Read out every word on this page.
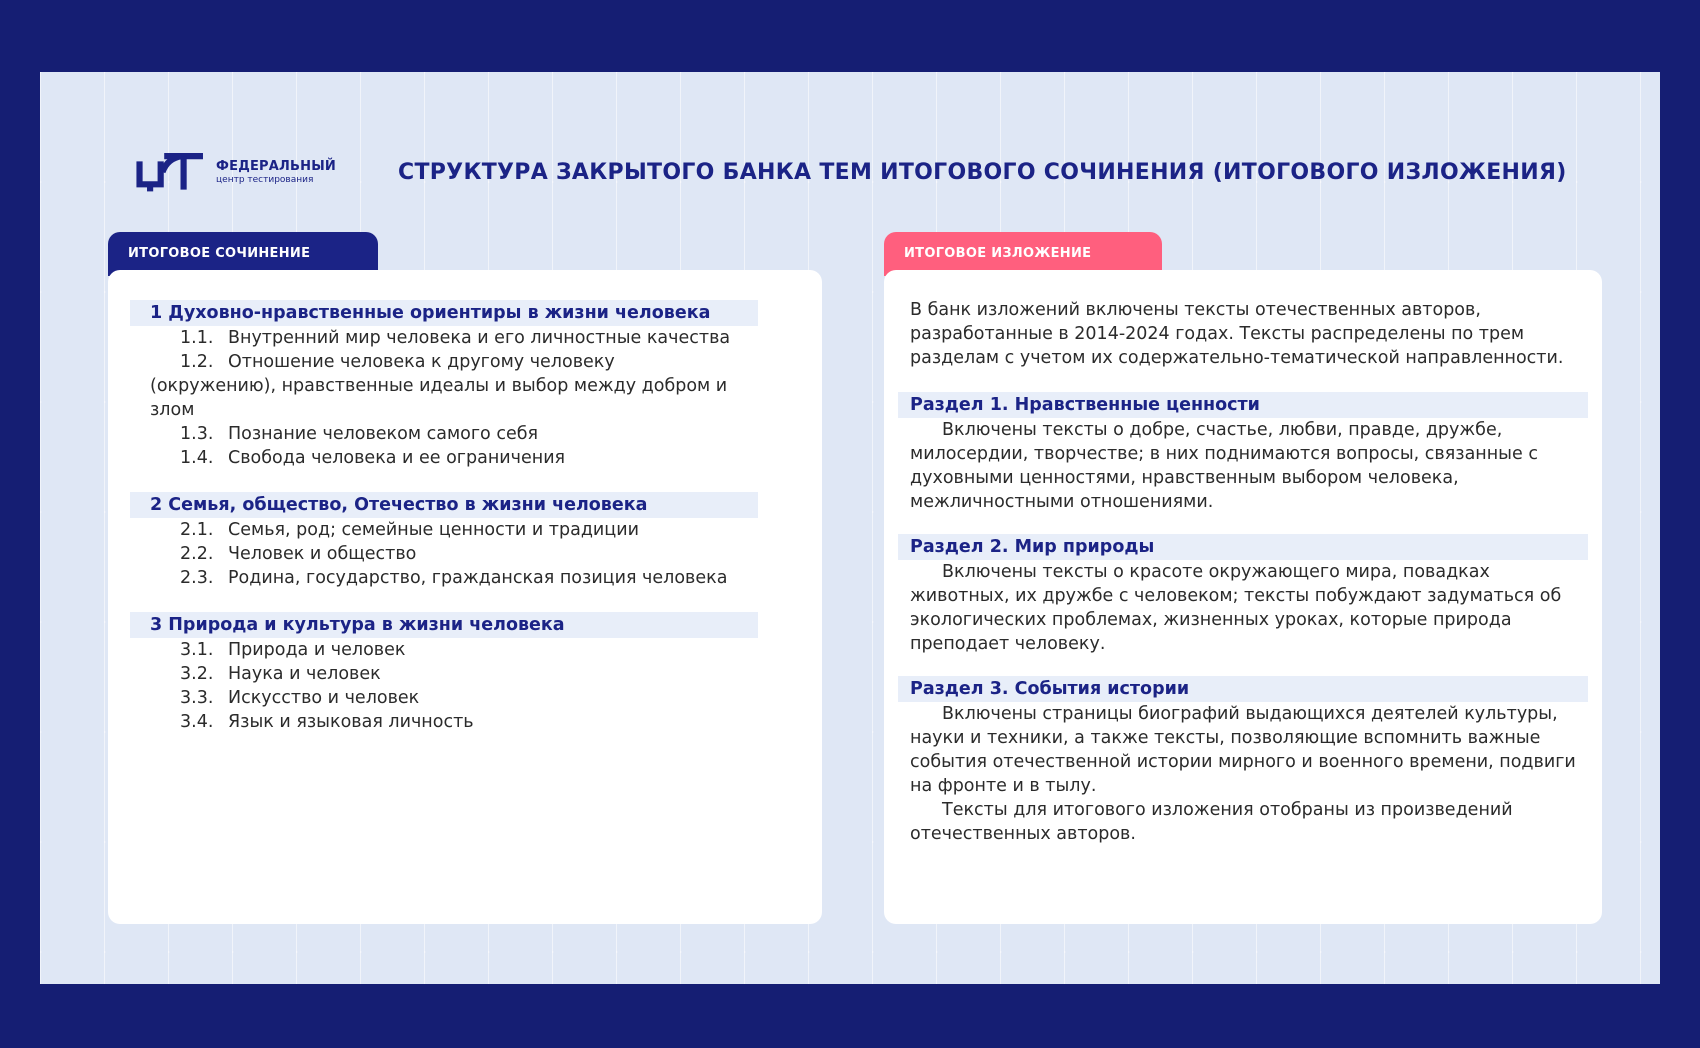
ФЕДЕРАЛЬНЫЙ
центр тестирования	СТРУКТУРА ЗАКРЫТОГО БАНКА ТЕМ ИТОГОВОГО СОЧИНЕНИЯ (ИТОГОВОГО ИЗЛОЖЕНИЯ)
ИТОГОВОЕ СОЧИНЕНИЕ	ИТОГОВОЕ ИЗЛОЖЕНИЕ
1 Духовно-нравственные ориентиры в жизни человека
1.1. Внутренний мир человека и его личностные качества
1.2. Отношение человека к другому человеку (окружению), нравственные идеалы и выбор между добром и злом
1.3. Познание человеком самого себя
1.4. Свобода человека и ее ограничения
2 Семья, общество, Отечество в жизни человека
2.1. Семья, род; семейные ценности и традиции
2.2. Человек и общество
2.3. Родина, государство, гражданская позиция человека
3 Природа и культура в жизни человека
3.1. Природа и человек
3.2. Наука и человек
3.3. Искусство и человек
3.4. Язык и языковая личность
В банк изложений включены тексты отечественных авторов, разработанные в 2014-2024 годах. Тексты распределены по трем разделам с учетом их содержательно-тематической направленности.
Раздел 1. Нравственные ценности
Включены тексты о добре, счастье, любви, правде, дружбе, милосердии, творчестве; в них поднимаются вопросы, связанные с духовными ценностями, нравственным выбором человека, межличностными отношениями.
Раздел 2. Мир природы
Включены тексты о красоте окружающего мира, повадках животных, их дружбе с человеком; тексты побуждают задуматься об экологических проблемах, жизненных уроках, которые природа преподает человеку.
Раздел 3. События истории
Включены страницы биографий выдающихся деятелей культуры, науки и техники, а также тексты, позволяющие вспомнить важные события отечественной истории мирного и военного времени, подвиги на фронте и в тылу.
Тексты для итогового изложения отобраны из произведений отечественных авторов.
